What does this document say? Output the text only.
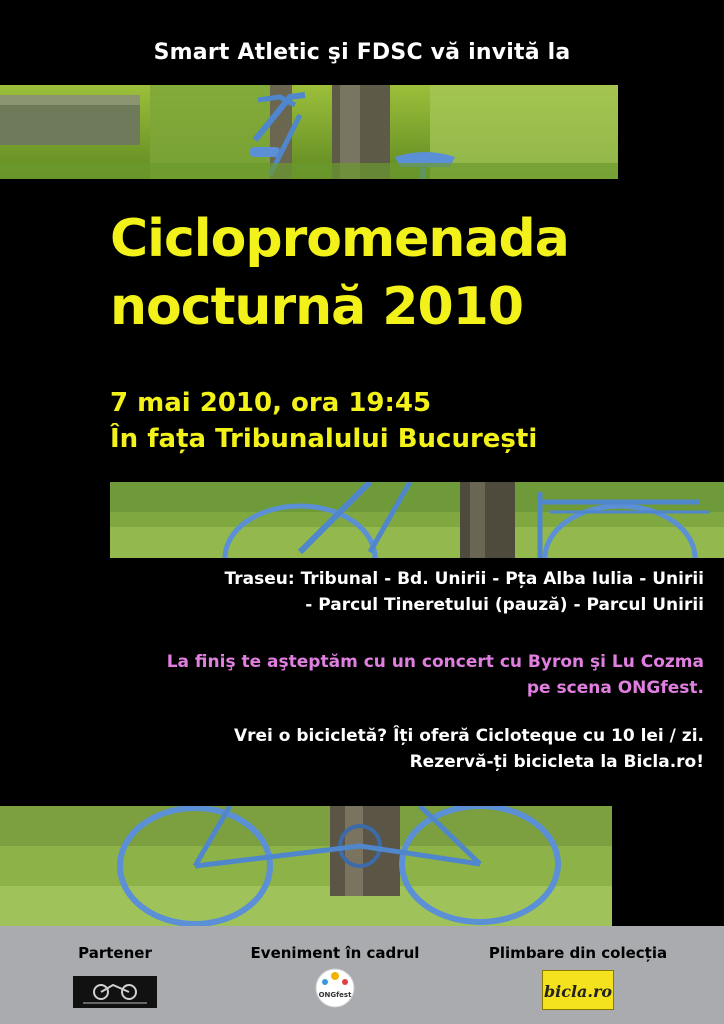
Smart Atletic şi FDSC vă invită la
Ciclopromenada
nocturnă 2010
7 mai 2010, ora 19:45
În fața Tribunalului București
Traseu: Tribunal - Bd. Unirii - Pța Alba Iulia - Unirii
- Parcul Tineretului (pauză) - Parcul Unirii
La finiş te aşteptăm cu un concert cu Byron şi Lu Cozma
pe scena ONGfest.
Vrei o bicicletă? Îți oferă Cicloteque cu 10 lei / zi.
Rezervă-ți bicicleta la Bicla.ro!
Partener	Eveniment în cadrul
ONGfest
Plimbare din colecția
bicla.ro
